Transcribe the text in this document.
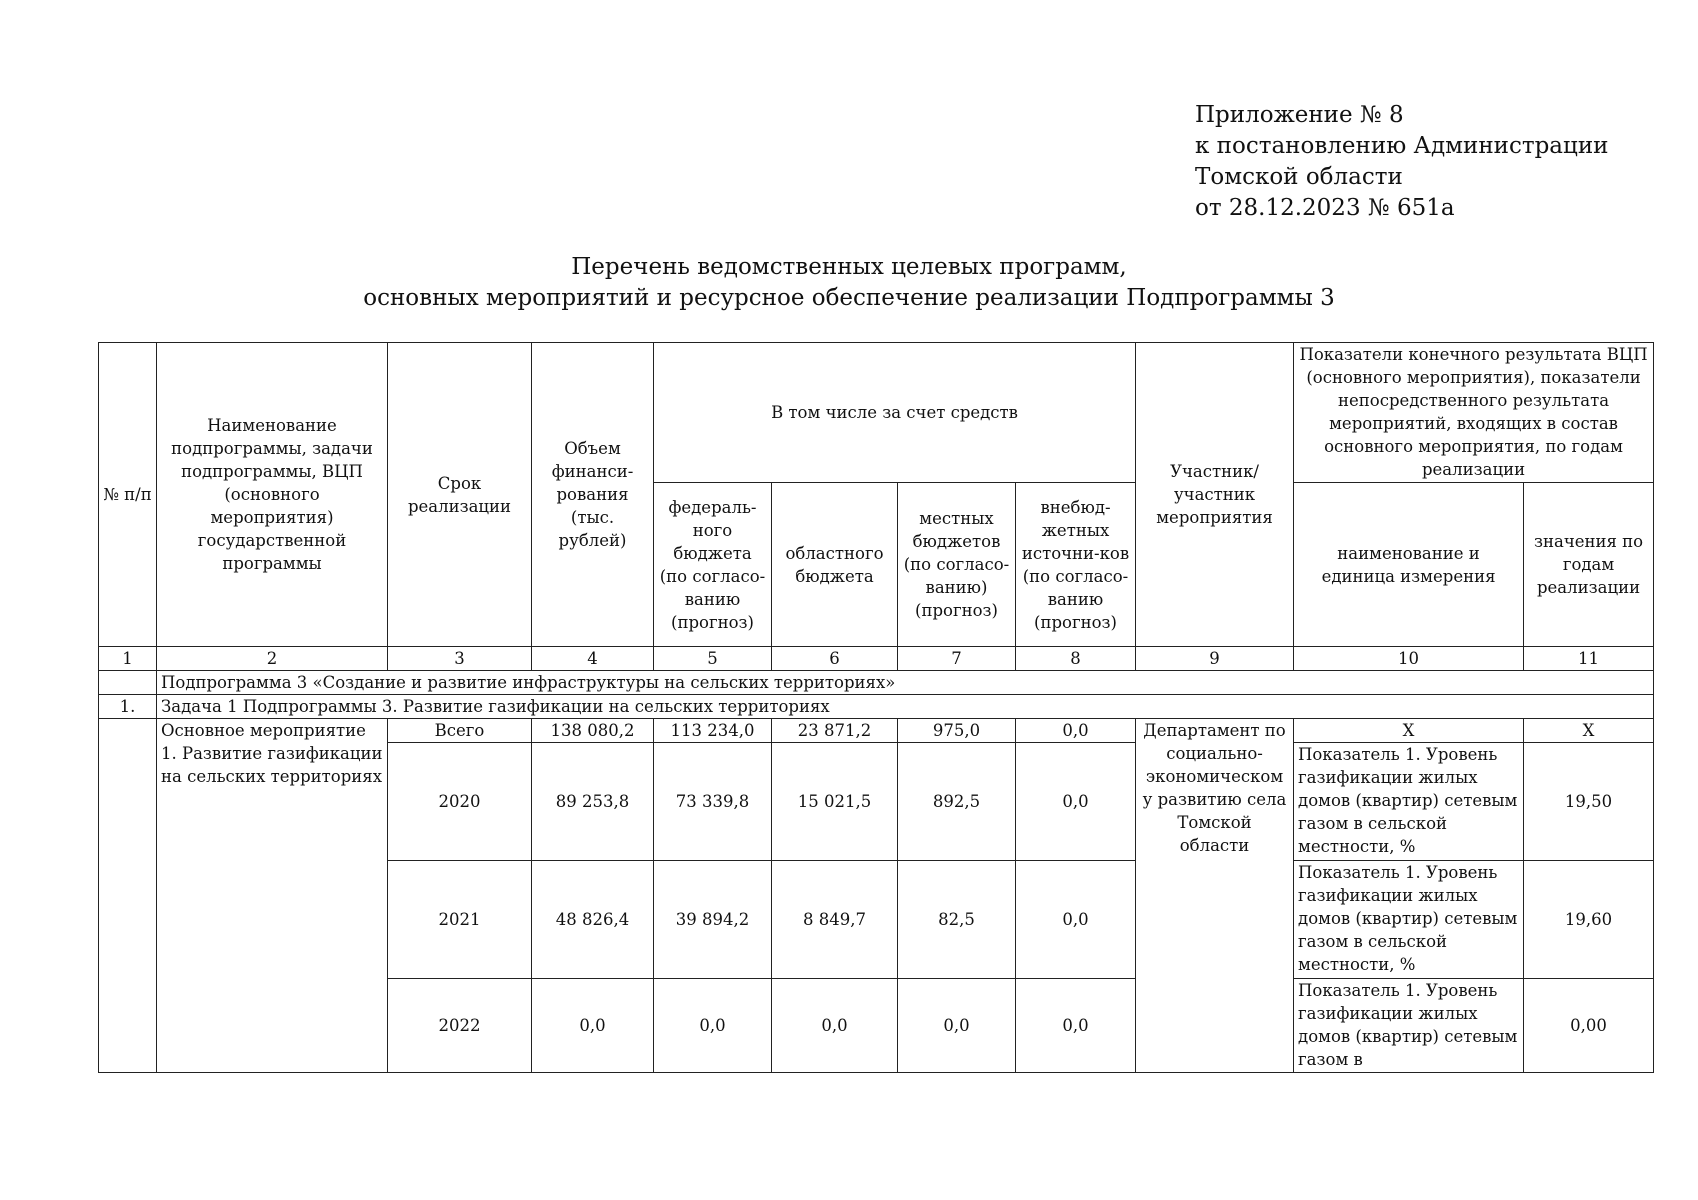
Приложение № 8
к постановлению Администрации
Томской области
от 28.12.2023 № 651а
Перечень ведомственных целевых программ,
основных мероприятий и ресурсное обеспечение реализации Подпрограммы 3
№ п/п	Наименование подпрограммы, задачи подпрограммы, ВЦП (основного мероприятия) государственной программы	Срок реализации	Объем финанси-рования (тыс. рублей)	В том числе за счет средств				Участник/ участник мероприятия	Показатели конечного результата ВЦП (основного мероприятия), показатели непосредственного результата мероприятий, входящих в состав основного мероприятия, по годам реализации	
				федераль-ного бюджета (по согласо-ванию (прогноз)	областного бюджета	местных бюджетов (по согласо-ванию) (прогноз)	внебюд-жетных источни-ков (по согласо-ванию (прогноз)		наименование и единица измерения	значения по годам реализации
1	2	3	4	5	6	7	8	9	10	11
	Подпрограмма 3 «Создание и развитие инфраструктуры на сельских территориях»									
1.	Задача 1 Подпрограммы 3. Развитие газификации на сельских территориях									
	Основное мероприятие 1. Развитие газификации на сельских территориях	Всего	138 080,2	113 234,0	23 871,2	975,0	0,0	Департамент по социально-экономическом у развитию села Томской области	Х	Х
		2020	89 253,8	73 339,8	15 021,5	892,5	0,0		Показатель 1. Уровень газификации жилых домов (квартир) сетевым газом в сельской местности, %	19,50
		2021	48 826,4	39 894,2	8 849,7	82,5	0,0		Показатель 1. Уровень газификации жилых домов (квартир) сетевым газом в сельской местности, %	19,60
		2022	0,0	0,0	0,0	0,0	0,0		Показатель 1. Уровень газификации жилых домов (квартир) сетевым газом в	0,00
